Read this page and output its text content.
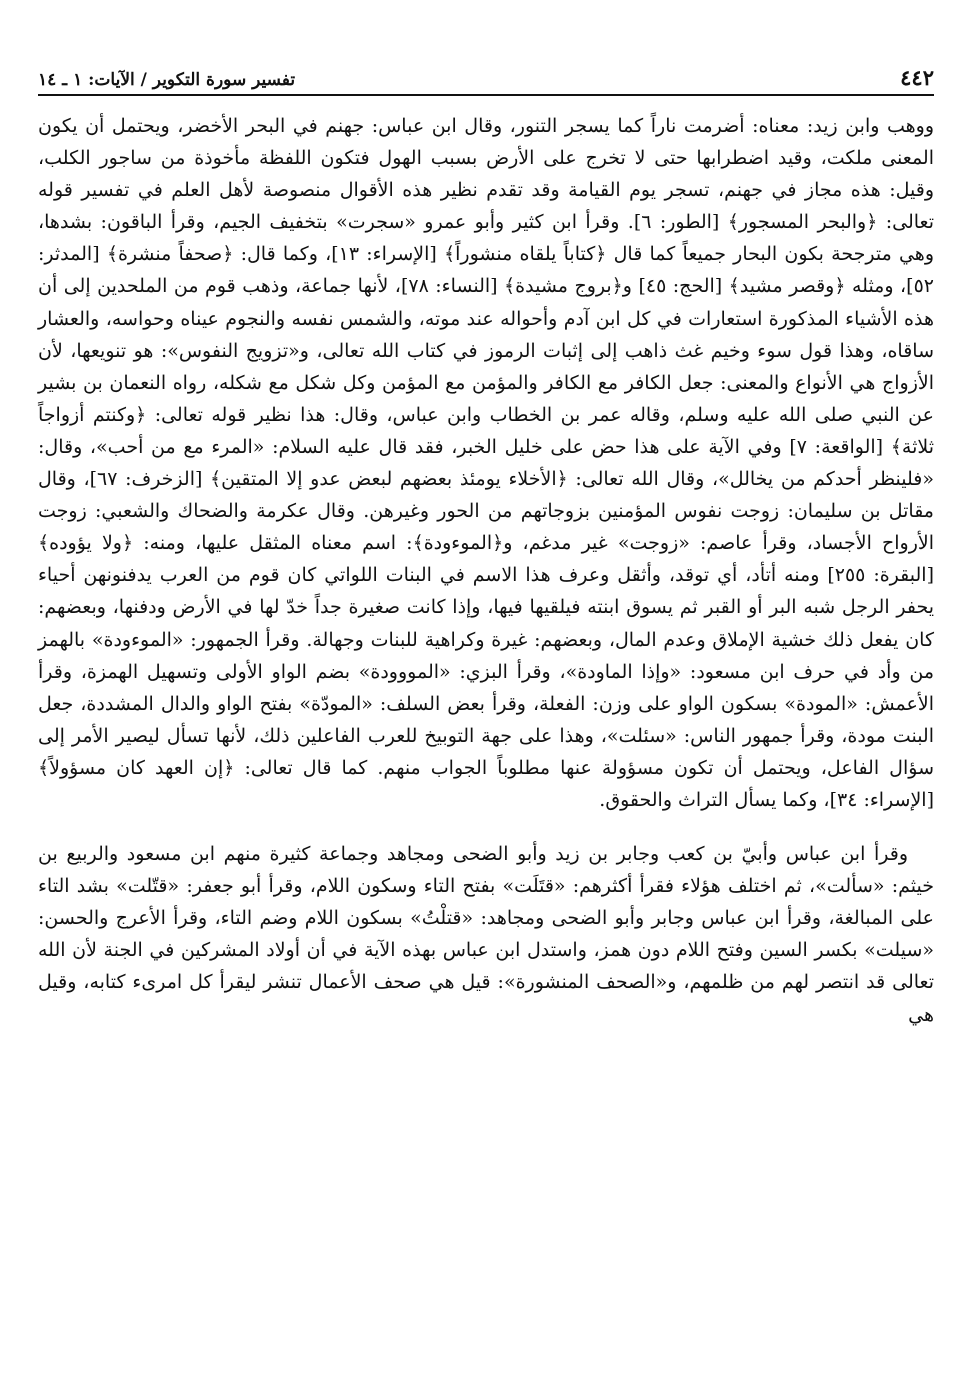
٤٤٢
تفسير سورة التكوير / الآيات: ١ ـ ١٤

ووهب وابن زيد: معناه: أضرمت ناراً كما يسجر التنور، وقال ابن عباس: جهنم في البحر الأخضر، ويحتمل أن يكون المعنى ملكت، وقيد اضطرابها حتى لا تخرج على الأرض بسبب الهول فتكون اللفظة مأخوذة من ساجور الكلب، وقيل: هذه مجاز في جهنم، تسجر يوم القيامة وقد تقدم نظير هذه الأقوال منصوصة لأهل العلم في تفسير قوله تعالى: ﴿والبحر المسجور﴾ [الطور: ٦]. وقرأ ابن كثير وأبو عمرو «سجرت» بتخفيف الجيم، وقرأ الباقون: بشدها، وهي مترجحة بكون البحار جميعاً كما قال ﴿كتاباً يلقاه منشوراً﴾ [الإسراء: ١٣]، وكما قال: ﴿صحفاً منشرة﴾ [المدثر: ٥٢]، ومثله ﴿وقصر مشيد﴾ [الحج: ٤٥] و﴿بروج مشيدة﴾ [النساء: ٧٨]، لأنها جماعة، وذهب قوم من الملحدين إلى أن هذه الأشياء المذكورة استعارات في كل ابن آدم وأحواله عند موته، والشمس نفسه والنجوم عيناه وحواسه، والعشار ساقاه، وهذا قول سوء وخيم غث ذاهب إلى إثبات الرموز في كتاب الله تعالى، و«تزويج النفوس»: هو تنويعها، لأن الأزواج هي الأنواع والمعنى: جعل الكافر مع الكافر والمؤمن مع المؤمن وكل شكل مع شكله، رواه النعمان بن بشير عن النبي صلى الله عليه وسلم، وقاله عمر بن الخطاب وابن عباس، وقال: هذا نظير قوله تعالى: ﴿وكنتم أزواجاً ثلاثة﴾ [الواقعة: ٧] وفي الآية على هذا حض على خليل الخبر، فقد قال عليه السلام: «المرء مع من أحب»، وقال: «فلينظر أحدكم من يخالل»، وقال الله تعالى: ﴿الأخلاء يومئذ بعضهم لبعض عدو إلا المتقين﴾ [الزخرف: ٦٧]، وقال مقاتل بن سليمان: زوجت نفوس المؤمنين بزوجاتهم من الحور وغيرهن. وقال عكرمة والضحاك والشعبي: زوجت الأرواح الأجساد، وقرأ عاصم: «زوجت» غير مدغم، و﴿الموءودة﴾: اسم معناه المثقل عليها، ومنه: ﴿ولا يؤوده﴾ [البقرة: ٢٥٥] ومنه أتأد، أي توقد، وأثقل وعرف هذا الاسم في البنات اللواتي كان قوم من العرب يدفنونهن أحياء يحفر الرجل شبه البر أو القبر ثم يسوق ابنته فيلقيها فيها، وإذا كانت صغيرة جداً خدّ لها في الأرض ودفنها، وبعضهم: كان يفعل ذلك خشية الإملاق وعدم المال، وبعضهم: غيرة وكراهية للبنات وجهالة. وقرأ الجمهور: «الموءودة» بالهمز من وأد في حرف ابن مسعود: «وإذا الماودة»، وقرأ البزي: «المووودة» بضم الواو الأولى وتسهيل الهمزة، وقرأ الأعمش: «المودة» بسكون الواو على وزن: الفعلة، وقرأ بعض السلف: «المودّة» بفتح الواو والدال المشددة، جعل البنت مودة، وقرأ جمهور الناس: «سئلت»، وهذا على جهة التوبيخ للعرب الفاعلين ذلك، لأنها تسأل ليصير الأمر إلى سؤال الفاعل، ويحتمل أن تكون مسؤولة عنها مطلوباً الجواب منهم. كما قال تعالى: ﴿إن العهد كان مسؤولاً﴾ [الإسراء: ٣٤]، وكما يسأل التراث والحقوق.

وقرأ ابن عباس وأبيّ بن كعب وجابر بن زيد وأبو الضحى ومجاهد وجماعة كثيرة منهم ابن مسعود والربيع بن خيثم: «سألت»، ثم اختلف هؤلاء فقرأ أكثرهم: «قتَلَت» بفتح التاء وسكون اللام، وقرأ أبو جعفر: «قتّلت» بشد التاء على المبالغة، وقرأ ابن عباس وجابر وأبو الضحى ومجاهد: «قتلْتُ» بسكون اللام وضم التاء، وقرأ الأعرج والحسن: «سيلت» بكسر السين وفتح اللام دون همز، واستدل ابن عباس بهذه الآية في أن أولاد المشركين في الجنة لأن الله تعالى قد انتصر لهم من ظلمهم، و«الصحف المنشورة»: قيل هي صحف الأعمال تنشر ليقرأ كل امرىء كتابه، وقيل هي
